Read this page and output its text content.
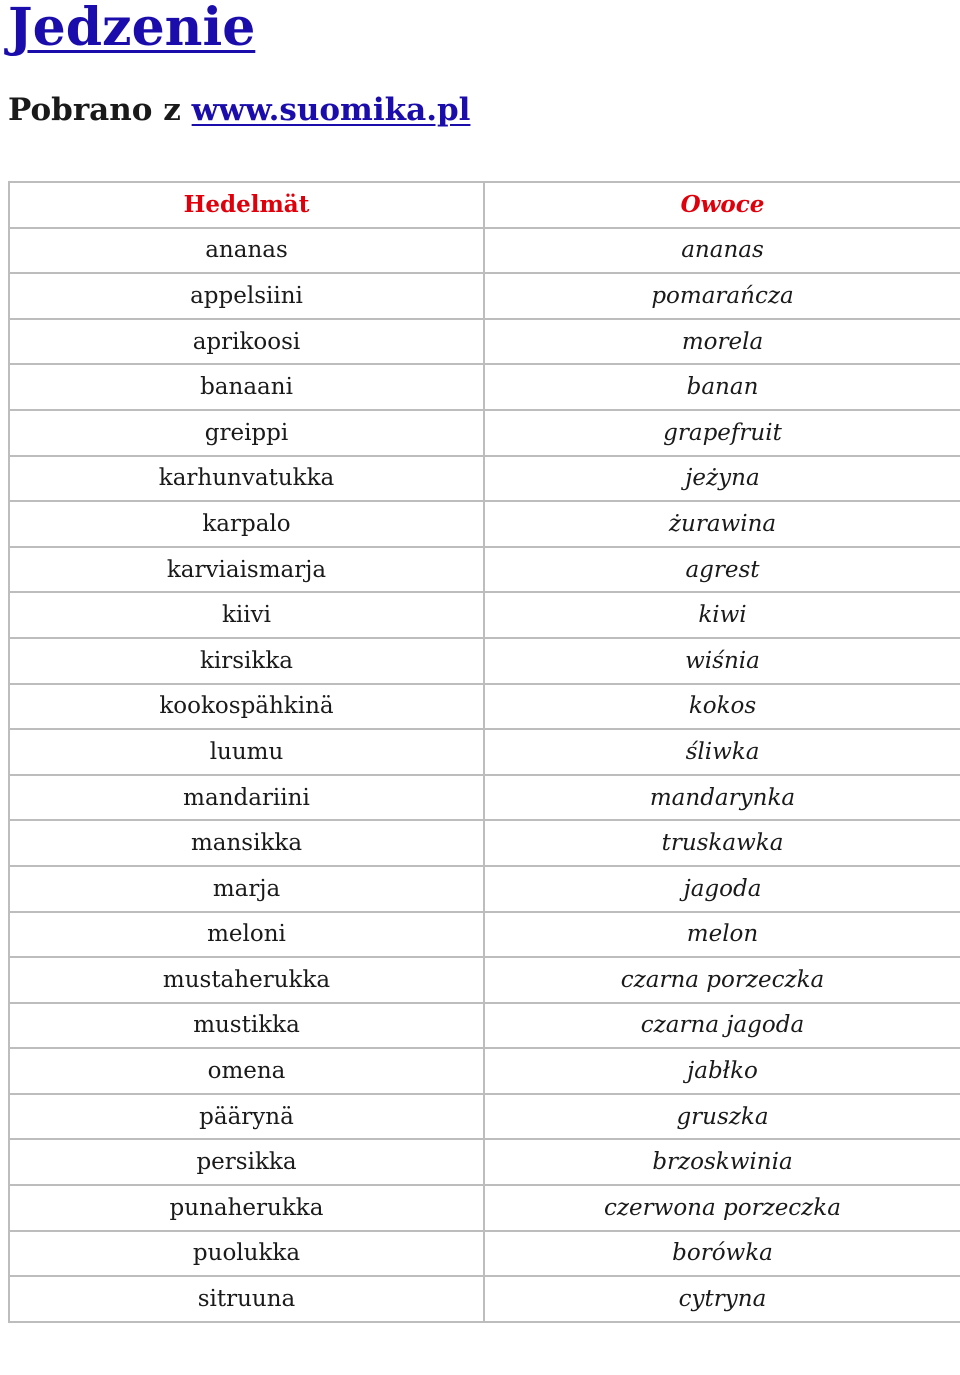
Jedzenie

Pobrano z www.suomika.pl

Hedelmät	Owoce
ananas	ananas
appelsiini	pomarańcza
aprikoosi	morela
banaani	banan
greippi	grapefruit
karhunvatukka	jeżyna
karpalo	żurawina
karviaismarja	agrest
kiivi	kiwi
kirsikka	wiśnia
kookospähkinä	kokos
luumu	śliwka
mandariini	mandarynka
mansikka	truskawka
marja	jagoda
meloni	melon
mustaherukka	czarna porzeczka
mustikka	czarna jagoda
omena	jabłko
päärynä	gruszka
persikka	brzoskwinia
punaherukka	czerwona porzeczka
puolukka	borówka
sitruuna	cytryna
